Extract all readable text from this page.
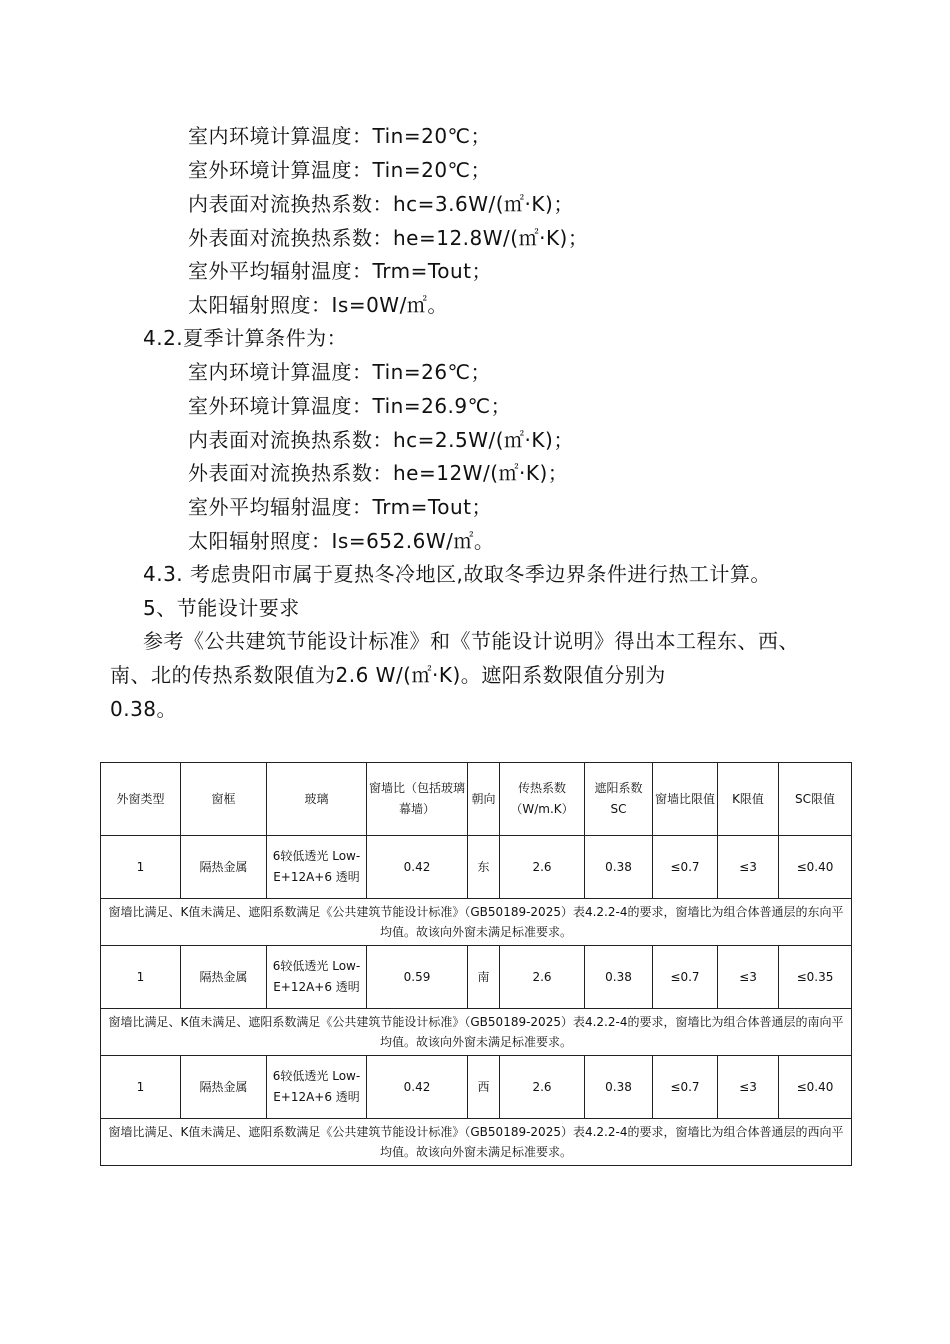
室内环境计算温度：Tin=20℃；
室外环境计算温度：Tin=20℃；
内表面对流换热系数：hc=3.6W/(㎡·K)；
外表面对流换热系数：he=12.8W/(㎡·K)；
室外平均辐射温度：Trm=Tout；
太阳辐射照度：Is=0W/㎡。
4.2.夏季计算条件为：
室内环境计算温度：Tin=26℃；
室外环境计算温度：Tin=26.9℃；
内表面对流换热系数：hc=2.5W/(㎡·K)；
外表面对流换热系数：he=12W/(㎡·K)；
室外平均辐射温度：Trm=Tout；
太阳辐射照度：Is=652.6W/㎡。
4.3. 考虑贵阳市属于夏热冬冷地区,故取冬季边界条件进行热工计算。
5、节能设计要求
参考《公共建筑节能设计标准》和《节能设计说明》得出本工程东、西、
南、北的传热系数限值为2.6 W/(㎡·K)。遮阳系数限值分别为
0.38。
外窗类型	窗框	玻璃	窗墙比（包括玻璃幕墙）	朝向	传热系数（W/m.K）	遮阳系数SC	窗墙比限值	K限值	SC限值
1	隔热金属	6较低透光 Low-E+12A+6 透明	0.42	东	2.6	0.38	≤0.7	≤3	≤0.40
窗墙比满足、K值未满足、遮阳系数满足《公共建筑节能设计标准》（GB50189-2025）表4.2.2-4的要求，窗墙比为组合体普通层的东向平均值。故该向外窗未满足标准要求。									
1	隔热金属	6较低透光 Low-E+12A+6 透明	0.59	南	2.6	0.38	≤0.7	≤3	≤0.35
窗墙比满足、K值未满足、遮阳系数满足《公共建筑节能设计标准》（GB50189-2025）表4.2.2-4的要求，窗墙比为组合体普通层的南向平均值。故该向外窗未满足标准要求。									
1	隔热金属	6较低透光 Low-E+12A+6 透明	0.42	西	2.6	0.38	≤0.7	≤3	≤0.40
窗墙比满足、K值未满足、遮阳系数满足《公共建筑节能设计标准》（GB50189-2025）表4.2.2-4的要求，窗墙比为组合体普通层的西向平均值。故该向外窗未满足标准要求。									
